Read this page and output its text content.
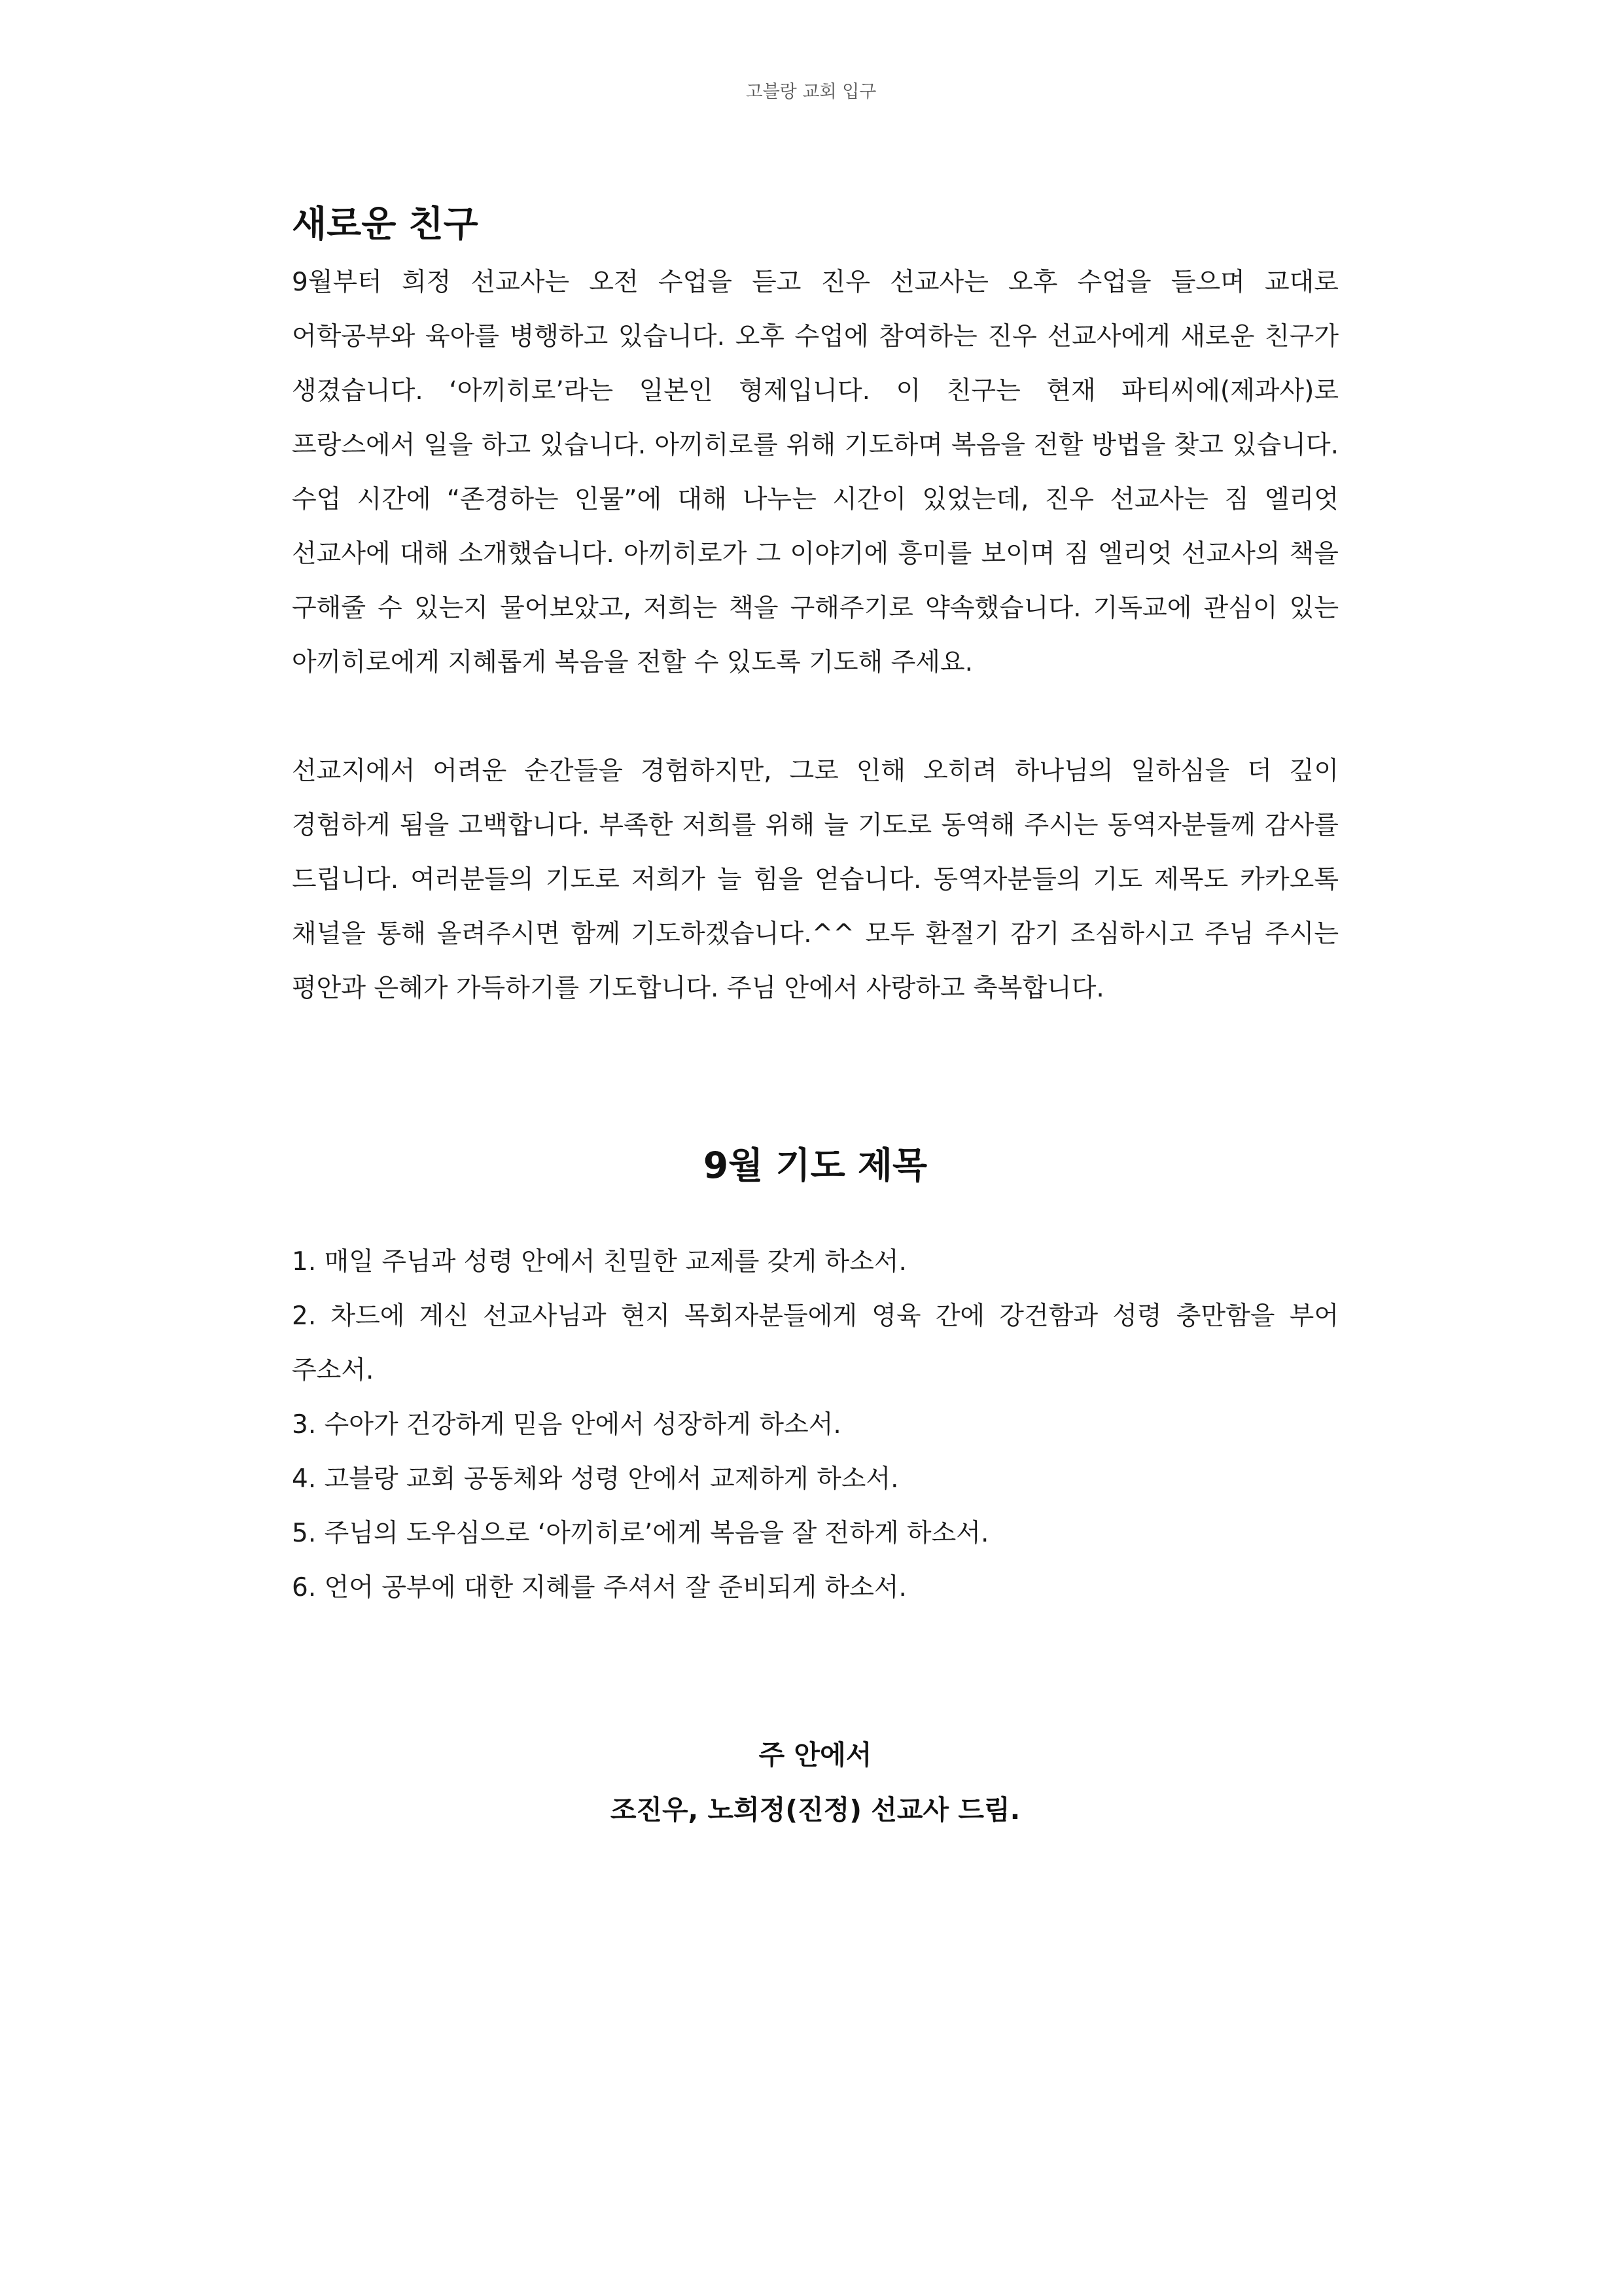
고블랑 교회 입구
새로운 친구

9월부터 희정 선교사는 오전 수업을 듣고 진우 선교사는 오후 수업을 들으며 교대로 어학공부와 육아를 병행하고 있습니다. 오후 수업에 참여하는 진우 선교사에게 새로운 친구가 생겼습니다. ‘아끼히로’라는 일본인 형제입니다. 이 친구는 현재 파티씨에(제과사)로 프랑스에서 일을 하고 있습니다. 아끼히로를 위해 기도하며 복음을 전할 방법을 찾고 있습니다. 수업 시간에 “존경하는 인물”에 대해 나누는 시간이 있었는데, 진우 선교사는 짐 엘리엇 선교사에 대해 소개했습니다. 아끼히로가 그 이야기에 흥미를 보이며 짐 엘리엇 선교사의 책을 구해줄 수 있는지 물어보았고, 저희는 책을 구해주기로 약속했습니다. 기독교에 관심이 있는 아끼히로에게 지혜롭게 복음을 전할 수 있도록 기도해 주세요.

선교지에서 어려운 순간들을 경험하지만, 그로 인해 오히려 하나님의 일하심을 더 깊이 경험하게 됨을 고백합니다. 부족한 저희를 위해 늘 기도로 동역해 주시는 동역자분들께 감사를 드립니다. 여러분들의 기도로 저희가 늘 힘을 얻습니다. 동역자분들의 기도 제목도 카카오톡 채널을 통해 올려주시면 함께 기도하겠습니다.^^ 모두 환절기 감기 조심하시고 주님 주시는 평안과 은혜가 가득하기를 기도합니다. 주님 안에서 사랑하고 축복합니다.

9월 기도 제목
1. 매일 주님과 성령 안에서 친밀한 교제를 갖게 하소서.
2. 차드에 계신 선교사님과 현지 목회자분들에게 영육 간에 강건함과 성령 충만함을 부어 주소서.
3. 수아가 건강하게 믿음 안에서 성장하게 하소서.
4. 고블랑 교회 공동체와 성령 안에서 교제하게 하소서.
5. 주님의 도우심으로 ‘아끼히로’에게 복음을 잘 전하게 하소서.
6. 언어 공부에 대한 지혜를 주셔서 잘 준비되게 하소서.
주 안에서
조진우, 노희정(진정) 선교사 드림.
